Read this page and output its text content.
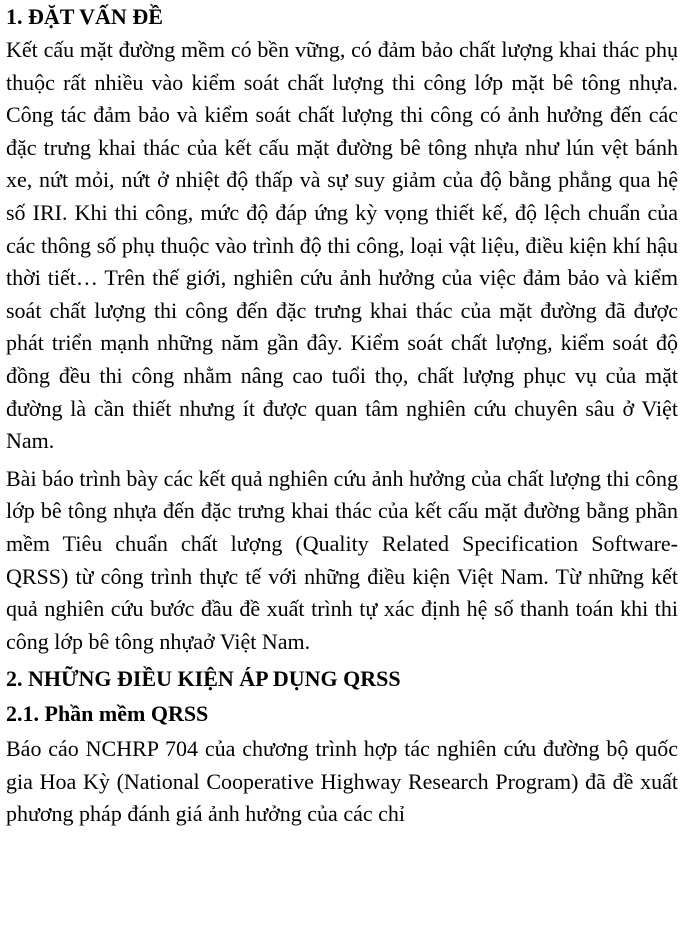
1. ĐẶT VẤN ĐỀ

Kết cấu mặt đường mềm có bền vững, có đảm bảo chất lượng khai thác phụ thuộc rất nhiều vào kiểm soát chất lượng thi công lớp mặt bê tông nhựa. Công tác đảm bảo và kiểm soát chất lượng thi công có ảnh hưởng đến các đặc trưng khai thác của kết cấu mặt đường bê tông nhựa như lún vệt bánh xe, nứt mỏi, nứt ở nhiệt độ thấp và sự suy giảm của độ bằng phẳng qua hệ số IRI. Khi thi công, mức độ đáp ứng kỳ vọng thiết kế, độ lệch chuẩn của các thông số phụ thuộc vào trình độ thi công, loại vật liệu, điều kiện khí hậu thời tiết… Trên thế giới, nghiên cứu ảnh hưởng của việc đảm bảo và kiểm soát chất lượng thi công đến đặc trưng khai thác của mặt đường đã được phát triển mạnh những năm gần đây. Kiểm soát chất lượng, kiểm soát độ đồng đều thi công nhằm nâng cao tuổi thọ, chất lượng phục vụ của mặt đường là cần thiết nhưng ít được quan tâm nghiên cứu chuyên sâu ở Việt Nam.

Bài báo trình bày các kết quả nghiên cứu ảnh hưởng của chất lượng thi công lớp bê tông nhựa đến đặc trưng khai thác của kết cấu mặt đường bằng phần mềm Tiêu chuẩn chất lượng (Quality Related Specification Software-QRSS) từ công trình thực tế với những điều kiện Việt Nam. Từ những kết quả nghiên cứu bước đầu đề xuất trình tự xác định hệ số thanh toán khi thi công lớp bê tông nhựaở Việt Nam.

2. NHỮNG ĐIỀU KIỆN ÁP DỤNG QRSS
2.1. Phần mềm QRSS

Báo cáo NCHRP 704 của chương trình hợp tác nghiên cứu đường bộ quốc gia Hoa Kỳ (National Cooperative Highway Research Program) đã đề xuất phương pháp đánh giá ảnh hưởng của các chỉ
